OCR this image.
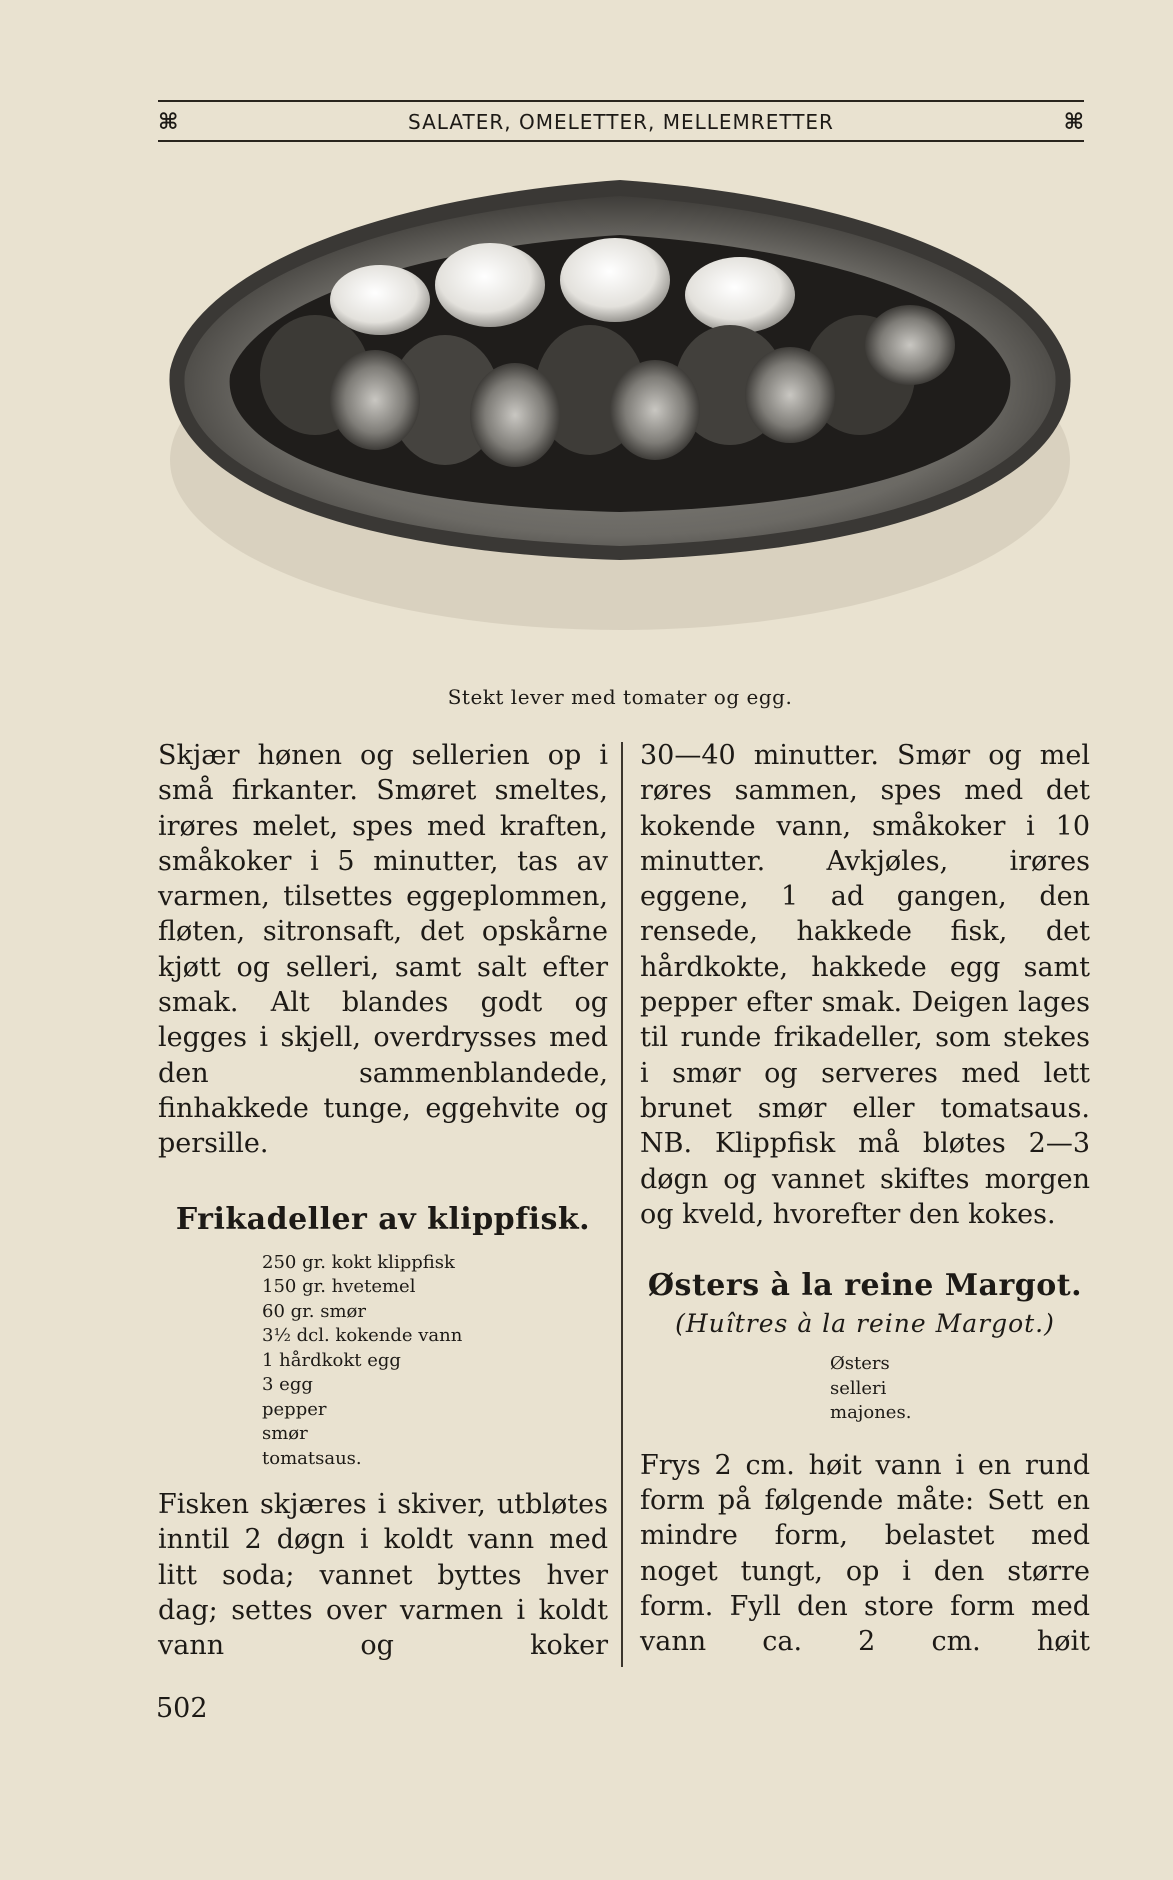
⌘	SALATER, OMELETTER, MELLEMRETTER	⌘
Stekt lever med tomater og egg.

Skjær hønen og sellerien op i små firkanter. Smøret smeltes, irøres melet, spes med kraften, småkoker i 5 minutter, tas av varmen, tilsettes eggeplommen, fløten, sitronsaft, det opskårne kjøtt og selleri, samt salt efter smak. Alt blandes godt og legges i skjell, overdrysses med den sammenblandede, finhakkede tunge, eggehvite og persille.

Frikadeller av klippfisk.
250 gr. kokt klippfisk
150 gr. hvetemel
60 gr. smør
3½ dcl. kokende vann
1 hårdkokt egg
3 egg
pepper
smør
tomatsaus.

Fisken skjæres i skiver, utbløtes inntil 2 døgn i koldt vann med litt soda; vannet byttes hver dag; settes over varmen i koldt vann og koker

30—40 minutter. Smør og mel røres sammen, spes med det kokende vann, småkoker i 10 minutter. Avkjøles, irøres eggene, 1 ad gangen, den rensede, hakkede fisk, det hårdkokte, hakkede egg samt pepper efter smak. Deigen lages til runde frikadeller, som stekes i smør og serveres med lett brunet smør eller tomatsaus. NB. Klippfisk må bløtes 2—3 døgn og vannet skiftes morgen og kveld, hvorefter den kokes.

Østers à la reine Margot.
(Huîtres à la reine Margot.)
Østers
selleri
majones.

Frys 2 cm. høit vann i en rund form på følgende måte: Sett en mindre form, belastet med noget tungt, op i den større form. Fyll den store form med vann ca. 2 cm. høit

502
